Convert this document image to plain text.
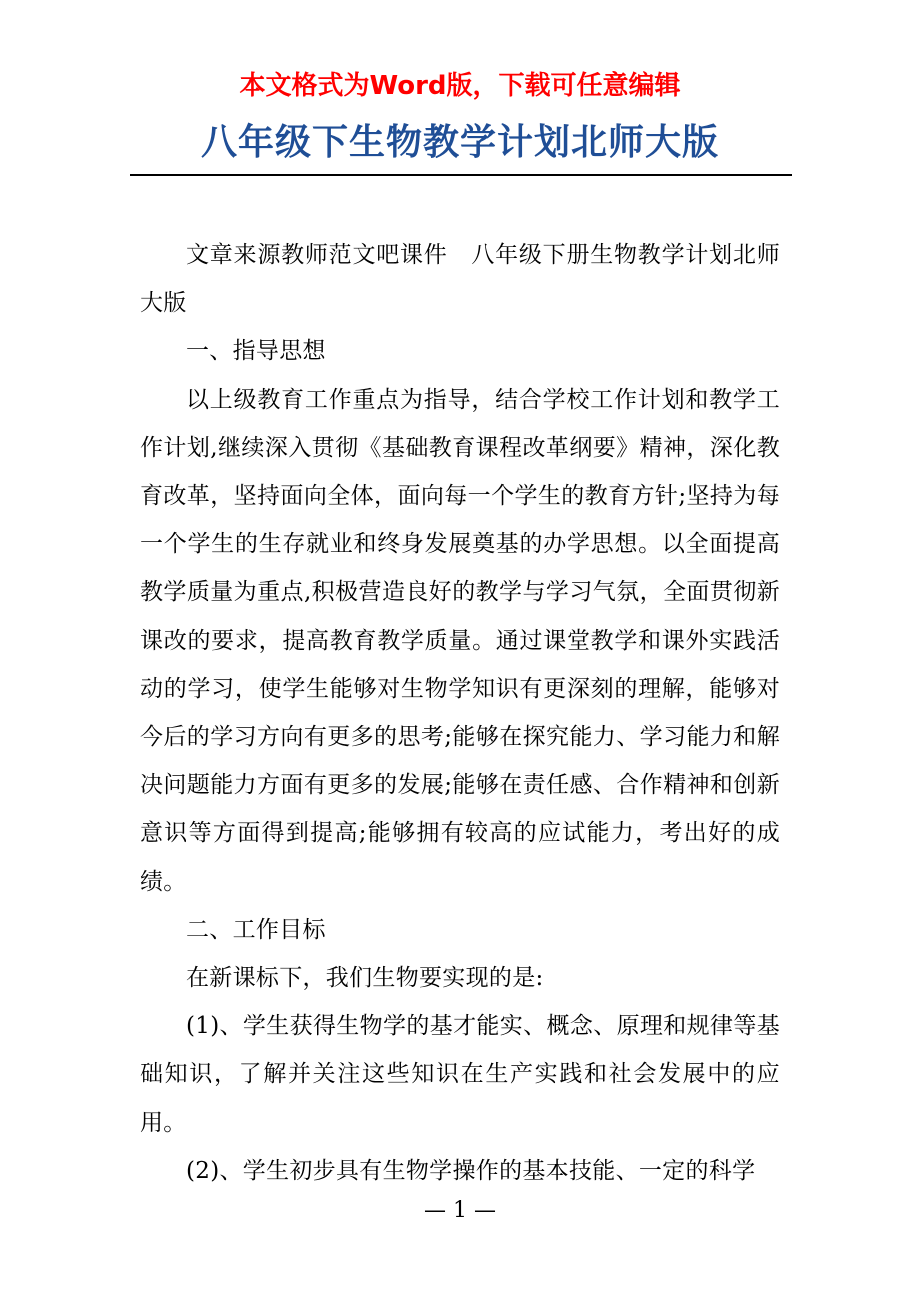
本文格式为Word版，下载可任意编辑
八年级下生物教学计划北师大版

文章来源教师范文吧课件　八年级下册生物教学计划北师大版

一、指导思想

以上级教育工作重点为指导，结合学校工作计划和教学工作计划,继续深入贯彻《基础教育课程改革纲要》精神，深化教育改革，坚持面向全体，面向每一个学生的教育方针;坚持为每一个学生的生存就业和终身发展奠基的办学思想。以全面提高教学质量为重点,积极营造良好的教学与学习气氛，全面贯彻新课改的要求，提高教育教学质量。通过课堂教学和课外实践活动的学习，使学生能够对生物学知识有更深刻的理解，能够对今后的学习方向有更多的思考;能够在探究能力、学习能力和解决问题能力方面有更多的发展;能够在责任感、合作精神和创新意识等方面得到提高;能够拥有较高的应试能力，考出好的成绩。

二、工作目标

在新课标下，我们生物要实现的是:

(1)、学生获得生物学的基才能实、概念、原理和规律等基础知识，了解并关注这些知识在生产实践和社会发展中的应用。

(2)、学生初步具有生物学操作的基本技能、一定的科学

— 1 —
